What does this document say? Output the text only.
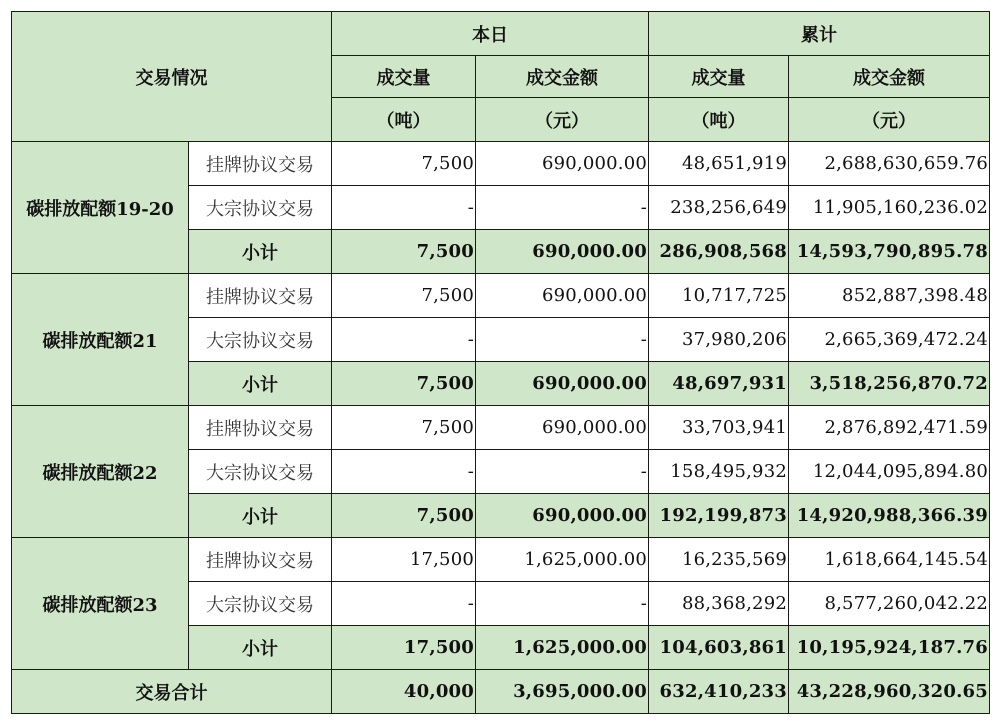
交易情况		本日		累计	
		成交量	成交金额	成交量	成交金额
		（吨）	（元）	（吨）	（元）
碳排放配额19-20	挂牌协议交易	7,500	690,000.00	48,651,919	2,688,630,659.76
	大宗协议交易	-	-	238,256,649	11,905,160,236.02
	小计	7,500	690,000.00	286,908,568	14,593,790,895.78
碳排放配额21	挂牌协议交易	7,500	690,000.00	10,717,725	852,887,398.48
	大宗协议交易	-	-	37,980,206	2,665,369,472.24
	小计	7,500	690,000.00	48,697,931	3,518,256,870.72
碳排放配额22	挂牌协议交易	7,500	690,000.00	33,703,941	2,876,892,471.59
	大宗协议交易	-	-	158,495,932	12,044,095,894.80
	小计	7,500	690,000.00	192,199,873	14,920,988,366.39
碳排放配额23	挂牌协议交易	17,500	1,625,000.00	16,235,569	1,618,664,145.54
	大宗协议交易	-	-	88,368,292	8,577,260,042.22
	小计	17,500	1,625,000.00	104,603,861	10,195,924,187.76
交易合计		40,000	3,695,000.00	632,410,233	43,228,960,320.65
